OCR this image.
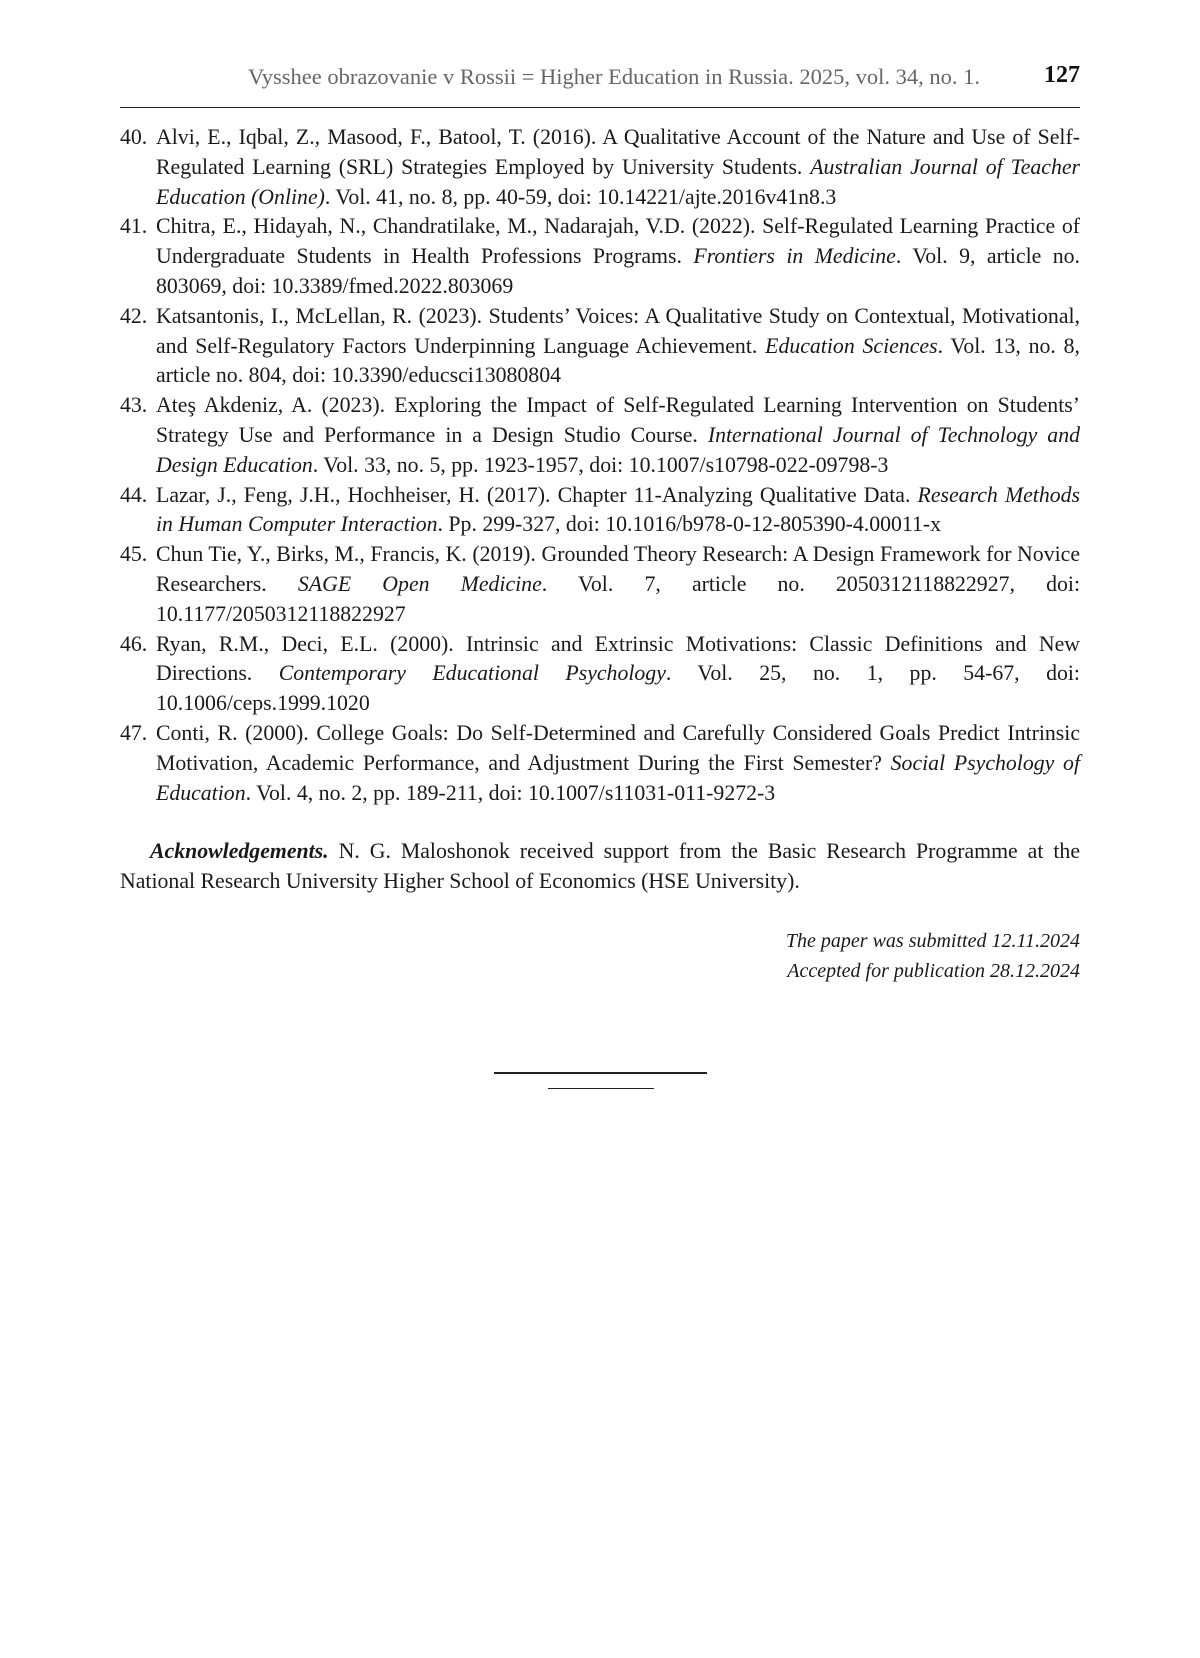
Vysshee obrazovanie v Rossii = Higher Education in Russia. 2025, vol. 34, no. 1.	127
40. Alvi, E., Iqbal, Z., Masood, F., Batool, T. (2016). A Qualitative Account of the Nature and Use of Self-Regulated Learning (SRL) Strategies Employed by University Students. Australian Journal of Teacher Education (Online). Vol. 41, no. 8, pp. 40-59, doi: 10.14221/ajte.2016v41n8.3
41. Chitra, E., Hidayah, N., Chandratilake, M., Nadarajah, V.D. (2022). Self-Regulated Learning Practice of Undergraduate Students in Health Professions Programs. Frontiers in Medicine. Vol. 9, article no. 803069, doi: 10.3389/fmed.2022.803069
42. Katsantonis, I., McLellan, R. (2023). Students’ Voices: A Qualitative Study on Contextual, Motivational, and Self-Regulatory Factors Underpinning Language Achievement. Education Sciences. Vol. 13, no. 8, article no. 804, doi: 10.3390/educsci13080804
43. Ateş Akdeniz, A. (2023). Exploring the Impact of Self-Regulated Learning Intervention on Students’ Strategy Use and Performance in a Design Studio Course. International Journal of Technology and Design Education. Vol. 33, no. 5, pp. 1923-1957, doi: 10.1007/s10798-022-09798-3
44. Lazar, J., Feng, J.H., Hochheiser, H. (2017). Chapter 11-Analyzing Qualitative Data. Research Methods in Human Computer Interaction. Pp. 299-327, doi: 10.1016/b978-0-12-805390-4.00011-x
45. Chun Tie, Y., Birks, M., Francis, K. (2019). Grounded Theory Research: A Design Framework for Novice Researchers. SAGE Open Medicine. Vol. 7, article no. 2050312118822927, doi: 10.1177/2050312118822927
46. Ryan, R.M., Deci, E.L. (2000). Intrinsic and Extrinsic Motivations: Classic Definitions and New Directions. Contemporary Educational Psychology. Vol. 25, no. 1, pp. 54-67, doi: 10.1006/ceps.1999.1020
47. Conti, R. (2000). College Goals: Do Self-Determined and Carefully Considered Goals Predict Intrinsic Motivation, Academic Performance, and Adjustment During the First Semester? Social Psychology of Education. Vol. 4, no. 2, pp. 189-211, doi: 10.1007/s11031-011-9272-3

Acknowledgements. N. G. Maloshonok received support from the Basic Research Programme at the National Research University Higher School of Economics (HSE University).

The paper was submitted 12.11.2024
Accepted for publication 28.12.2024
